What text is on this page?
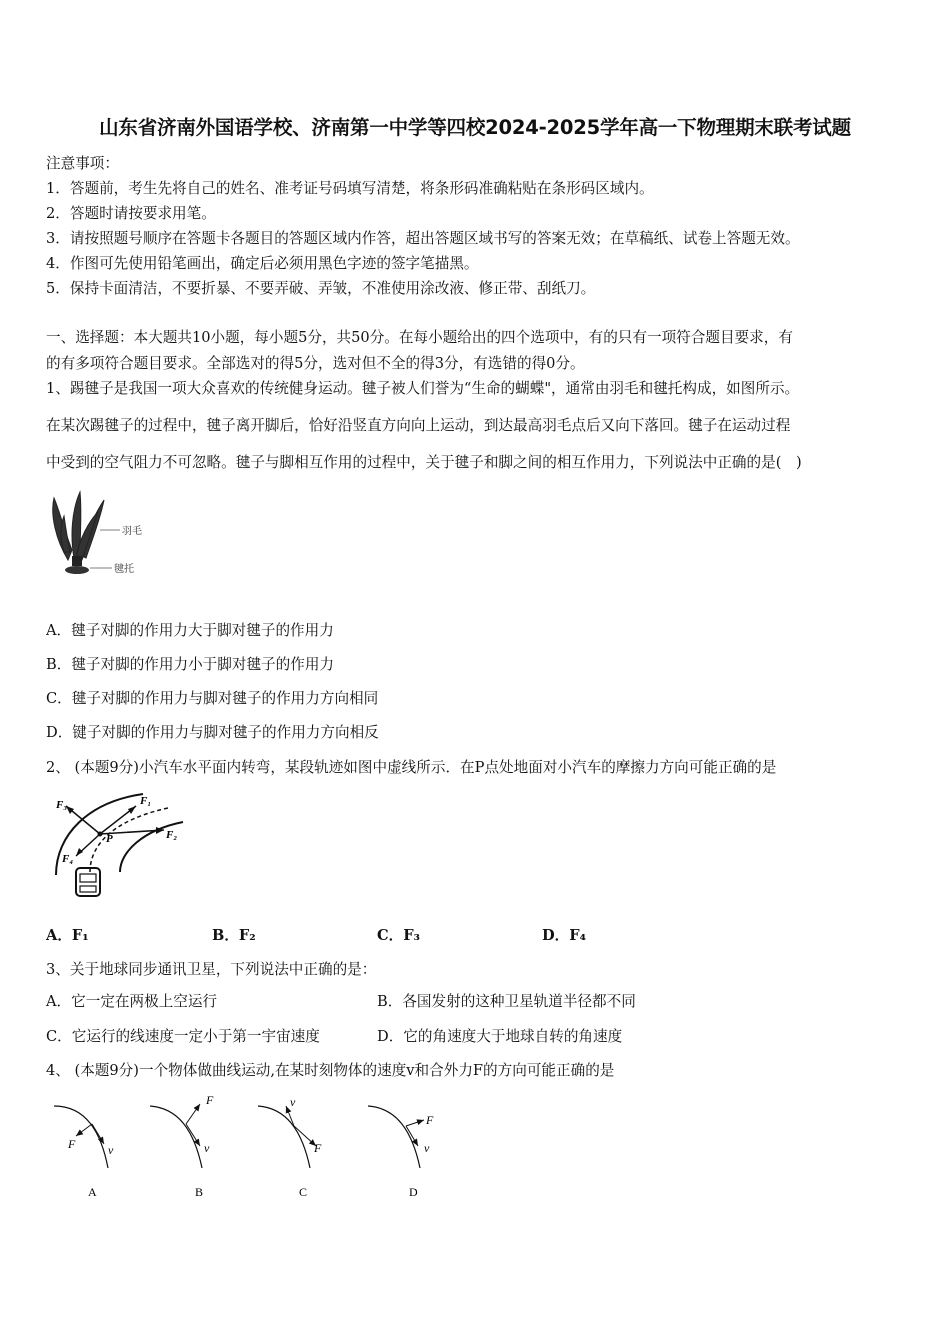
山东省济南外国语学校、济南第一中学等四校2024-2025学年高一下物理期末联考试题
注意事项：
1．答题前，考生先将自己的姓名、准考证号码填写清楚，将条形码准确粘贴在条形码区域内。
2．答题时请按要求用笔。
3．请按照题号顺序在答题卡各题目的答题区域内作答，超出答题区域书写的答案无效；在草稿纸、试卷上答题无效。
4．作图可先使用铅笔画出，确定后必须用黑色字迹的签字笔描黑。
5．保持卡面清洁，不要折暴、不要弄破、弄皱，不准使用涂改液、修正带、刮纸刀。
一、选择题：本大题共10小题，每小题5分，共50分。在每小题给出的四个选项中，有的只有一项符合题目要求，有
的有多项符合题目要求。全部选对的得5分，选对但不全的得3分，有选错的得0分。
1、踢毽子是我国一项大众喜欢的传统健身运动。毽子被人们誉为“生命的蝴蝶"，通常由羽毛和毽托构成，如图所示。
在某次踢毽子的过程中，毽子离开脚后，恰好沿竖直方向向上运动，到达最高羽毛点后又向下落回。毽子在运动过程
中受到的空气阻力不可忽略。毽子与脚相互作用的过程中，关于毽子和脚之间的相互作用力，下列说法中正确的是(　)
羽毛
毽托
A．毽子对脚的作用力大于脚对毽子的作用力
B．毽子对脚的作用力小于脚对毽子的作用力
C．毽子对脚的作用力与脚对毽子的作用力方向相同
D．键子对脚的作用力与脚对毽子的作用力方向相反
2、 (本题9分)小汽车水平面内转弯，某段轨迹如图中虚线所示．在P点处地面对小汽车的摩擦力方向可能正确的是
F₃	F₁
F₂
F₄
P
A．F₁	B．F₂	C．F₃	D．F₄
3、关于地球同步通讯卫星，下列说法中正确的是：
A．它一定在两极上空运行	B．各国发射的这种卫星轨道半径都不同
C．它运行的线速度一定小于第一宇宙速度	D．它的角速度大于地球自转的角速度
4、 (本题9分)一个物体做曲线运动,在某时刻物体的速度v和合外力F的方向可能正确的是
F	v
A
F
v
B
v
F
C
F
v
D
